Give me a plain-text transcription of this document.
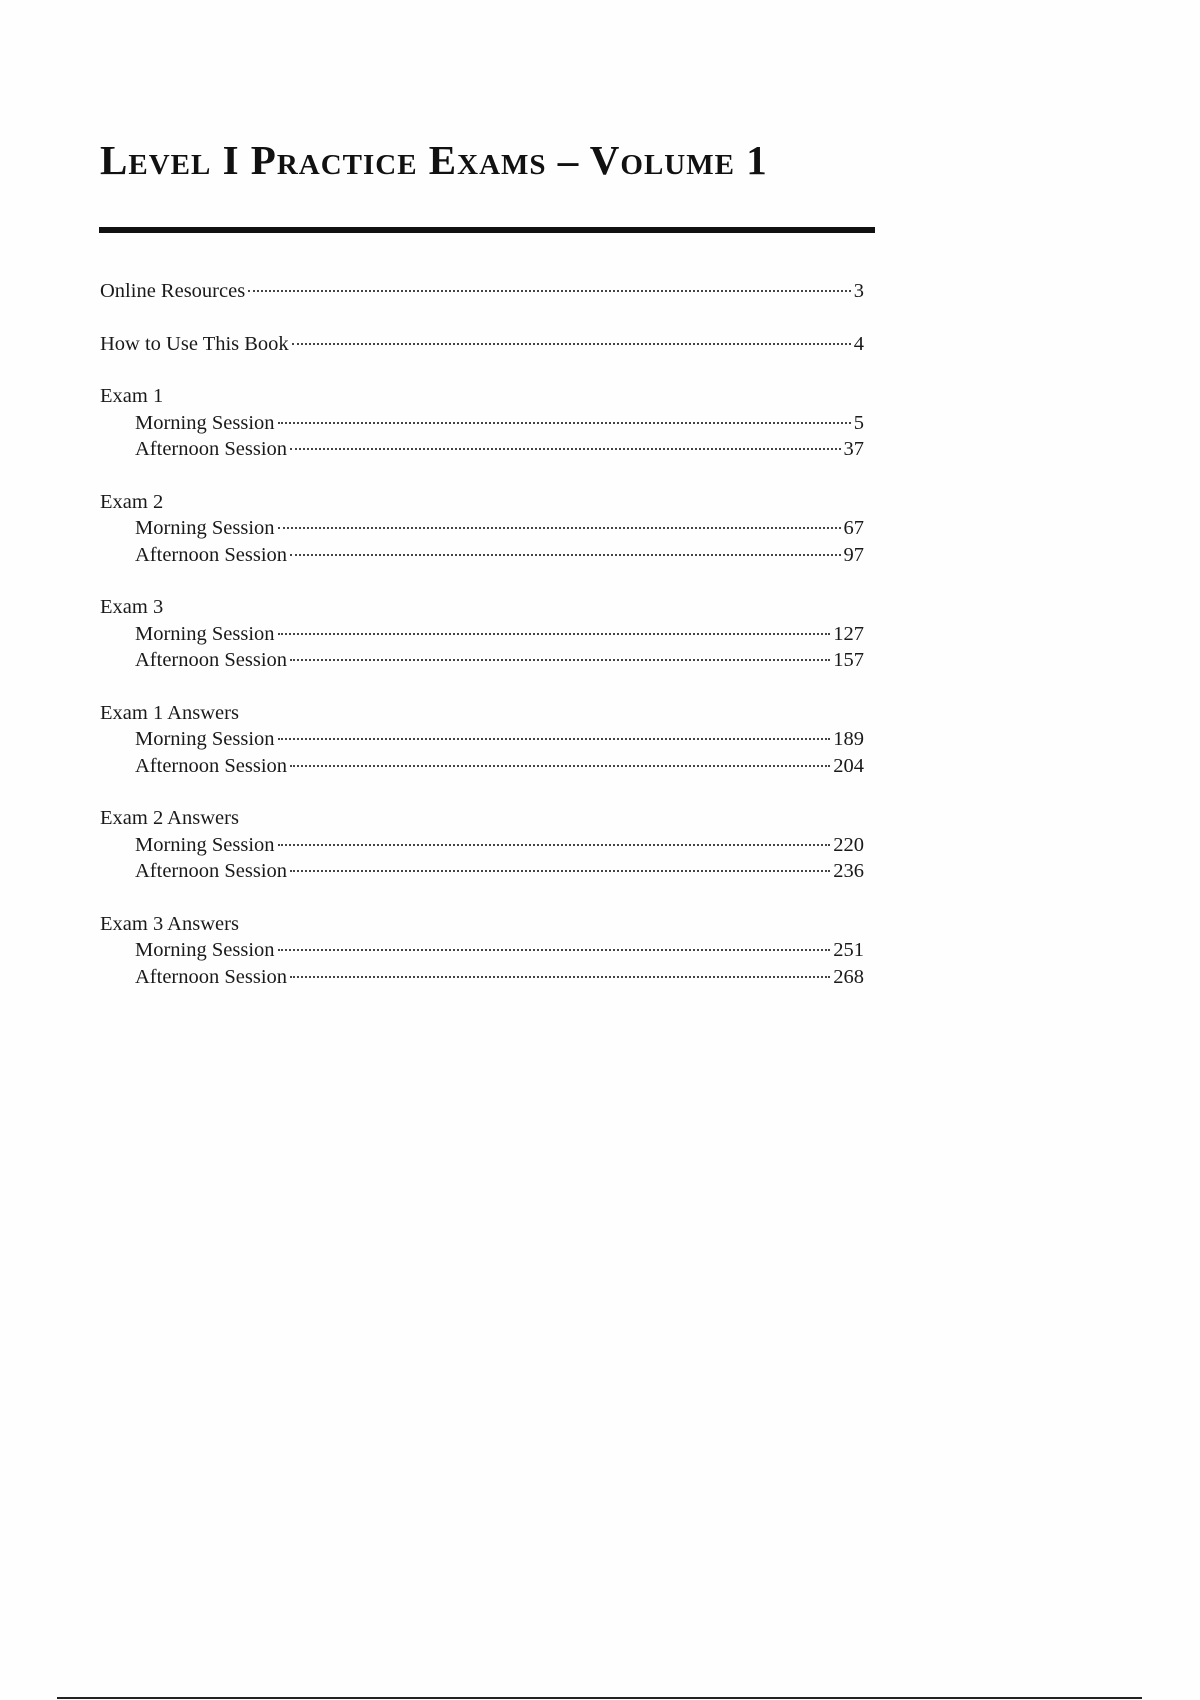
Level I Practice Exams – Volume 1
Online Resources	3
How to Use This Book	4
Exam 1
Morning Session	5
Afternoon Session	37
Exam 2
Morning Session	67
Afternoon Session	97
Exam 3
Morning Session	127
Afternoon Session	157
Exam 1 Answers
Morning Session	189
Afternoon Session	204
Exam 2 Answers
Morning Session	220
Afternoon Session	236
Exam 3 Answers
Morning Session	251
Afternoon Session	268
